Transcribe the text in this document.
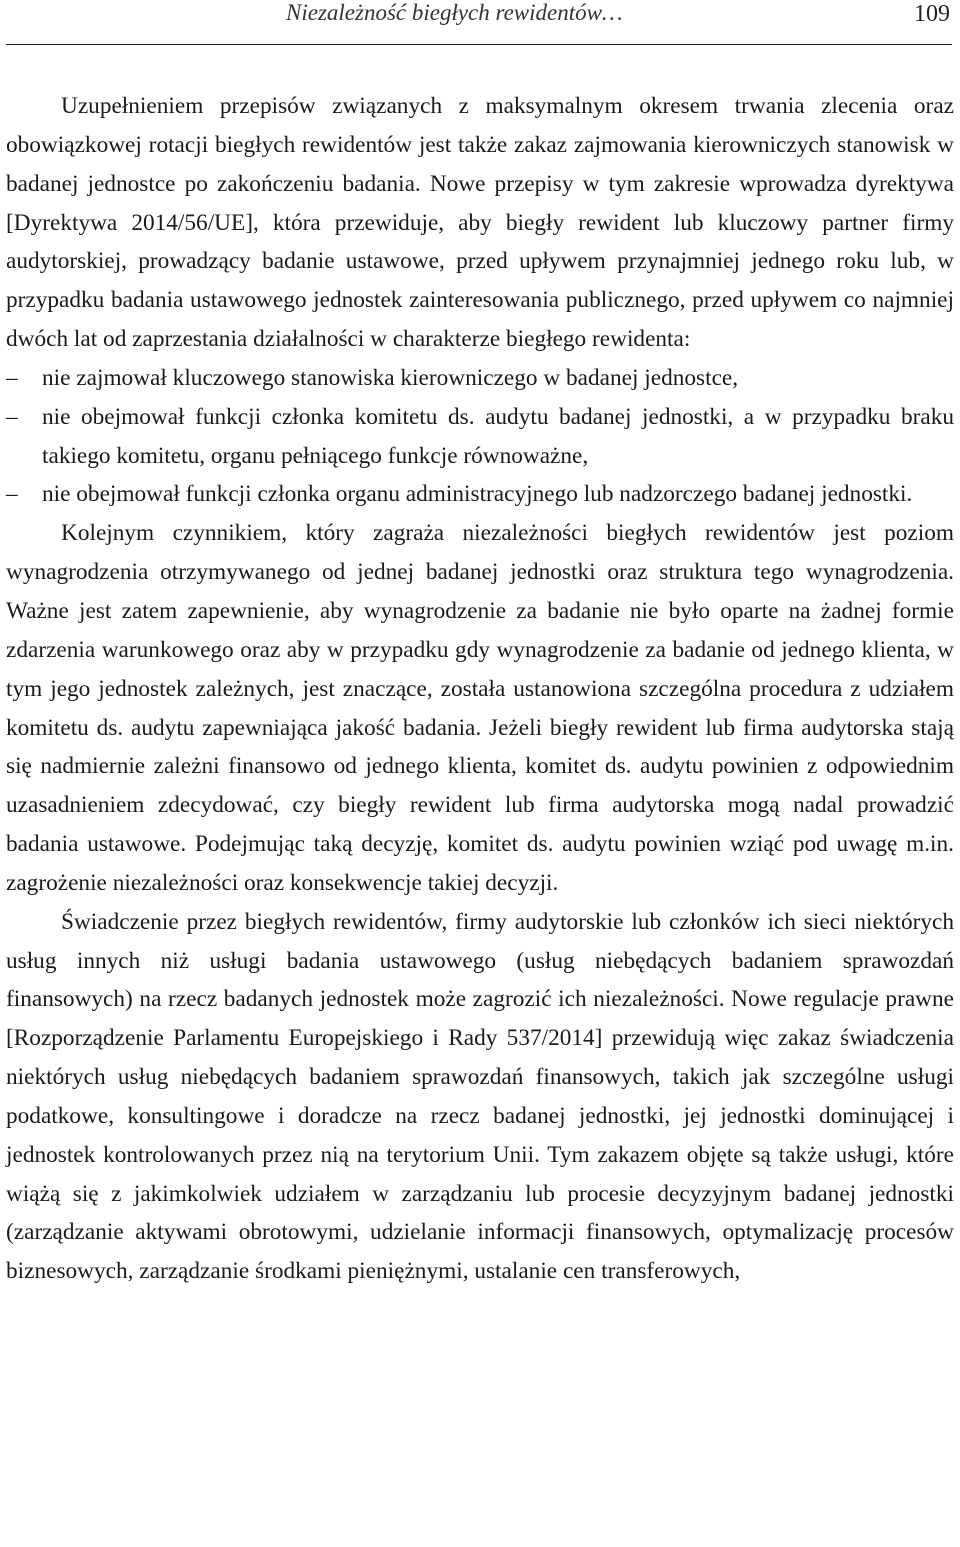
Niezależność biegłych rewidentów…	109

Uzupełnieniem przepisów związanych z maksymalnym okresem trwania zlecenia oraz obowiązkowej rotacji biegłych rewidentów jest także zakaz zajmowania kierowniczych stanowisk w badanej jednostce po zakończeniu badania. Nowe przepisy w tym zakresie wprowadza dyrektywa [Dyrektywa 2014/56/UE], która przewiduje, aby biegły rewident lub kluczowy partner firmy audytorskiej, prowadzący badanie ustawowe, przed upływem przynajmniej jednego roku lub, w przypadku badania ustawowego jednostek zainteresowania publicznego, przed upływem co najmniej dwóch lat od zaprzestania działalności w charakterze biegłego rewidenta:

– nie zajmował kluczowego stanowiska kierowniczego w badanej jednostce,
– nie obejmował funkcji członka komitetu ds. audytu badanej jednostki, a w przypadku braku takiego komitetu, organu pełniącego funkcje równoważne,
– nie obejmował funkcji członka organu administracyjnego lub nadzorczego badanej jednostki.

Kolejnym czynnikiem, który zagraża niezależności biegłych rewidentów jest poziom wynagrodzenia otrzymywanego od jednej badanej jednostki oraz struktura tego wynagrodzenia. Ważne jest zatem zapewnienie, aby wynagrodzenie za badanie nie było oparte na żadnej formie zdarzenia warunkowego oraz aby w przypadku gdy wynagrodzenie za badanie od jednego klienta, w tym jego jednostek zależnych, jest znaczące, została ustanowiona szczególna procedura z udziałem komitetu ds. audytu zapewniająca jakość badania. Jeżeli biegły rewident lub firma audytorska stają się nadmiernie zależni finansowo od jednego klienta, komitet ds. audytu powinien z odpowiednim uzasadnieniem zdecydować, czy biegły rewident lub firma audytorska mogą nadal prowadzić badania ustawowe. Podejmując taką decyzję, komitet ds. audytu powinien wziąć pod uwagę m.in. zagrożenie niezależności oraz konsekwencje takiej decyzji.

Świadczenie przez biegłych rewidentów, firmy audytorskie lub członków ich sieci niektórych usług innych niż usługi badania ustawowego (usług niebędących badaniem sprawozdań finansowych) na rzecz badanych jednostek może zagrozić ich niezależności. Nowe regulacje prawne [Rozporządzenie Parlamentu Europejskiego i Rady 537/2014] przewidują więc zakaz świadczenia niektórych usług niebędących badaniem sprawozdań finansowych, takich jak szczególne usługi podatkowe, konsultingowe i doradcze na rzecz badanej jednostki, jej jednostki dominującej i jednostek kontrolowanych przez nią na terytorium Unii. Tym zakazem objęte są także usługi, które wiążą się z jakimkolwiek udziałem w zarządzaniu lub procesie decyzyjnym badanej jednostki (zarządzanie aktywami obrotowymi, udzielanie informacji finansowych, optymalizację procesów biznesowych, zarządzanie środkami pieniężnymi, ustalanie cen transferowych,
